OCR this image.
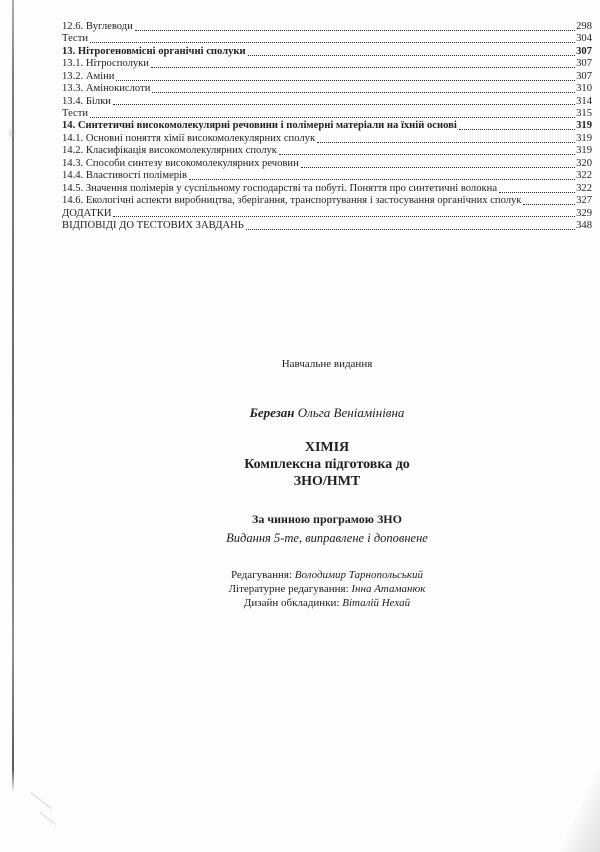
12.6. Вуглеводи	298
Тести	304
13. Нітрогеновмісні органічні сполуки	307
13.1. Нітросполуки	307
13.2. Аміни	307
13.3. Амінокислоти	310
13.4. Білки	314
Тести	315
14. Синтетичні високомолекулярні речовини і полімерні матеріали на їхній основі	319
14.1. Основні поняття хімії високомолекулярних сполук	319
14.2. Класифікація високомолекулярних сполук	319
14.3. Способи синтезу високомолекулярних речовин	320
14.4. Властивості полімерів	322
14.5. Значення полімерів у суспільному господарстві та побуті. Поняття про синтетичні волокна	322
14.6. Екологічні аспекти виробництва, зберігання, транспортування і застосування органічних сполук	327
ДОДАТКИ	329
ВІДПОВІДІ ДО ТЕСТОВИХ ЗАВДАНЬ	348
Навчальне видання
Березан Ольга Веніамінівна
ХІМІЯ
Комплексна підготовка до
ЗНО/НМТ
За чинною програмою ЗНО
Видання 5-те, виправлене і доповнене
Редагування: Володимир Тарнопольський
Літературне редагування: Інна Атаманюк
Дизайн обкладинки: Віталій Нехай
